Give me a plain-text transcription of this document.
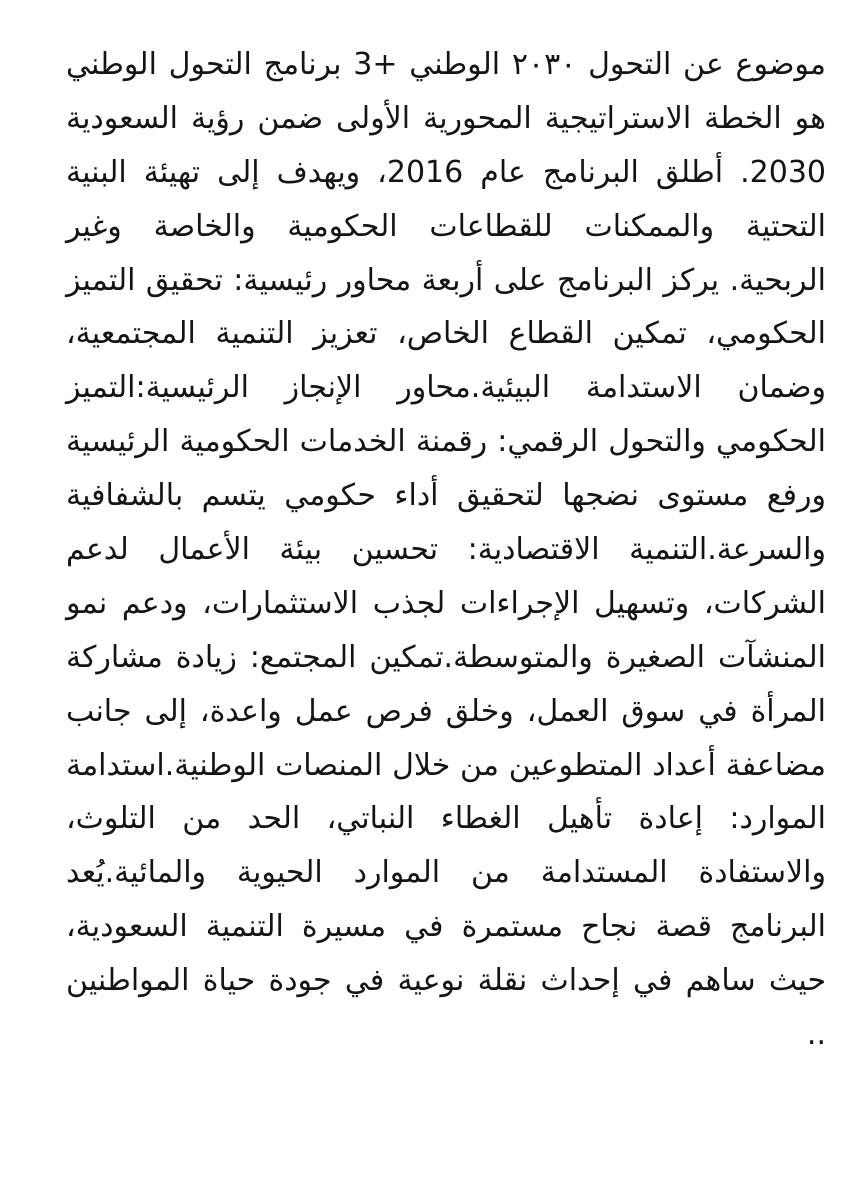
موضوع عن التحول ٢٠٣٠ الوطني +3 برنامج التحول الوطني
هو الخطة الاستراتيجية المحورية الأولى ضمن رؤية السعودية
2030. أطلق البرنامج عام 2016، ويهدف إلى تهيئة البنية
التحتية والممكنات للقطاعات الحكومية والخاصة وغير
الربحية. يركز البرنامج على أربعة محاور رئيسية: تحقيق التميز
الحكومي، تمكين القطاع الخاص، تعزيز التنمية المجتمعية،
وضمان الاستدامة البيئية.محاور الإنجاز الرئيسية:التميز
الحكومي والتحول الرقمي: رقمنة الخدمات الحكومية الرئيسية
ورفع مستوى نضجها لتحقيق أداء حكومي يتسم بالشفافية
والسرعة.التنمية الاقتصادية: تحسين بيئة الأعمال لدعم
الشركات، وتسهيل الإجراءات لجذب الاستثمارات، ودعم نمو
المنشآت الصغيرة والمتوسطة.تمكين المجتمع: زيادة مشاركة
المرأة في سوق العمل، وخلق فرص عمل واعدة، إلى جانب
مضاعفة أعداد المتطوعين من خلال المنصات الوطنية.استدامة
الموارد: إعادة تأهيل الغطاء النباتي، الحد من التلوث،
والاستفادة المستدامة من الموارد الحيوية والمائية.يُعد
البرنامج قصة نجاح مستمرة في مسيرة التنمية السعودية،
حيث ساهم في إحداث نقلة نوعية في جودة حياة المواطنين
..
